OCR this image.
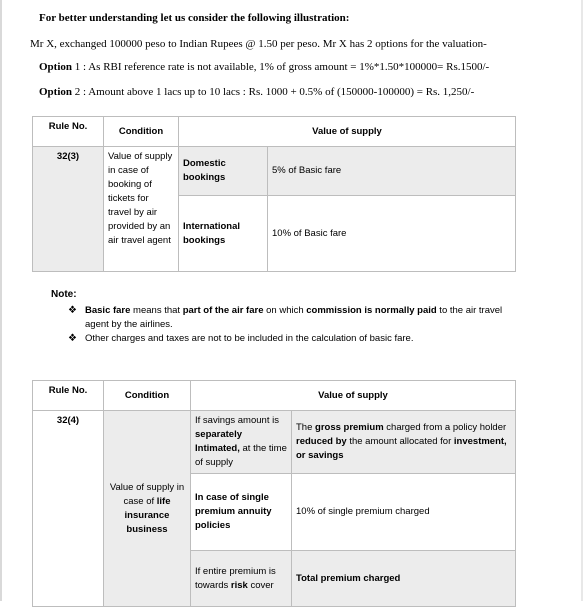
For better understanding let us consider the following illustration:
Mr X, exchanged 100000 peso to Indian Rupees @ 1.50 per peso. Mr X has 2 options for the valuation-
Option 1 : As RBI reference rate is not available, 1% of gross amount = 1%*1.50*100000= Rs.1500/-
Option 2 : Amount above 1 lacs up to 10 lacs : Rs. 1000 + 0.5% of (150000-100000) = Rs. 1,250/-
Rule No.	Condition	Value of supply	
32(3)	Value of supply in case of booking of tickets for travel by air provided by an air travel agent	Domestic bookings	5% of Basic fare
		International bookings	10% of Basic fare
Note:
❖ Basic fare means that part of the air fare on which commission is normally paid to the air travel agent by the airlines.
❖ Other charges and taxes are not to be included in the calculation of basic fare.
Rule No.	Condition	Value of supply	
32(4)	Value of supply in case of life insurance business	If savings amount is separately Intimated, at the time of supply	The gross premium charged from a policy holder reduced by the amount allocated for investment, or savings
		In case of single premium annuity policies	10% of single premium charged
		If entire premium is towards risk cover	Total premium charged
